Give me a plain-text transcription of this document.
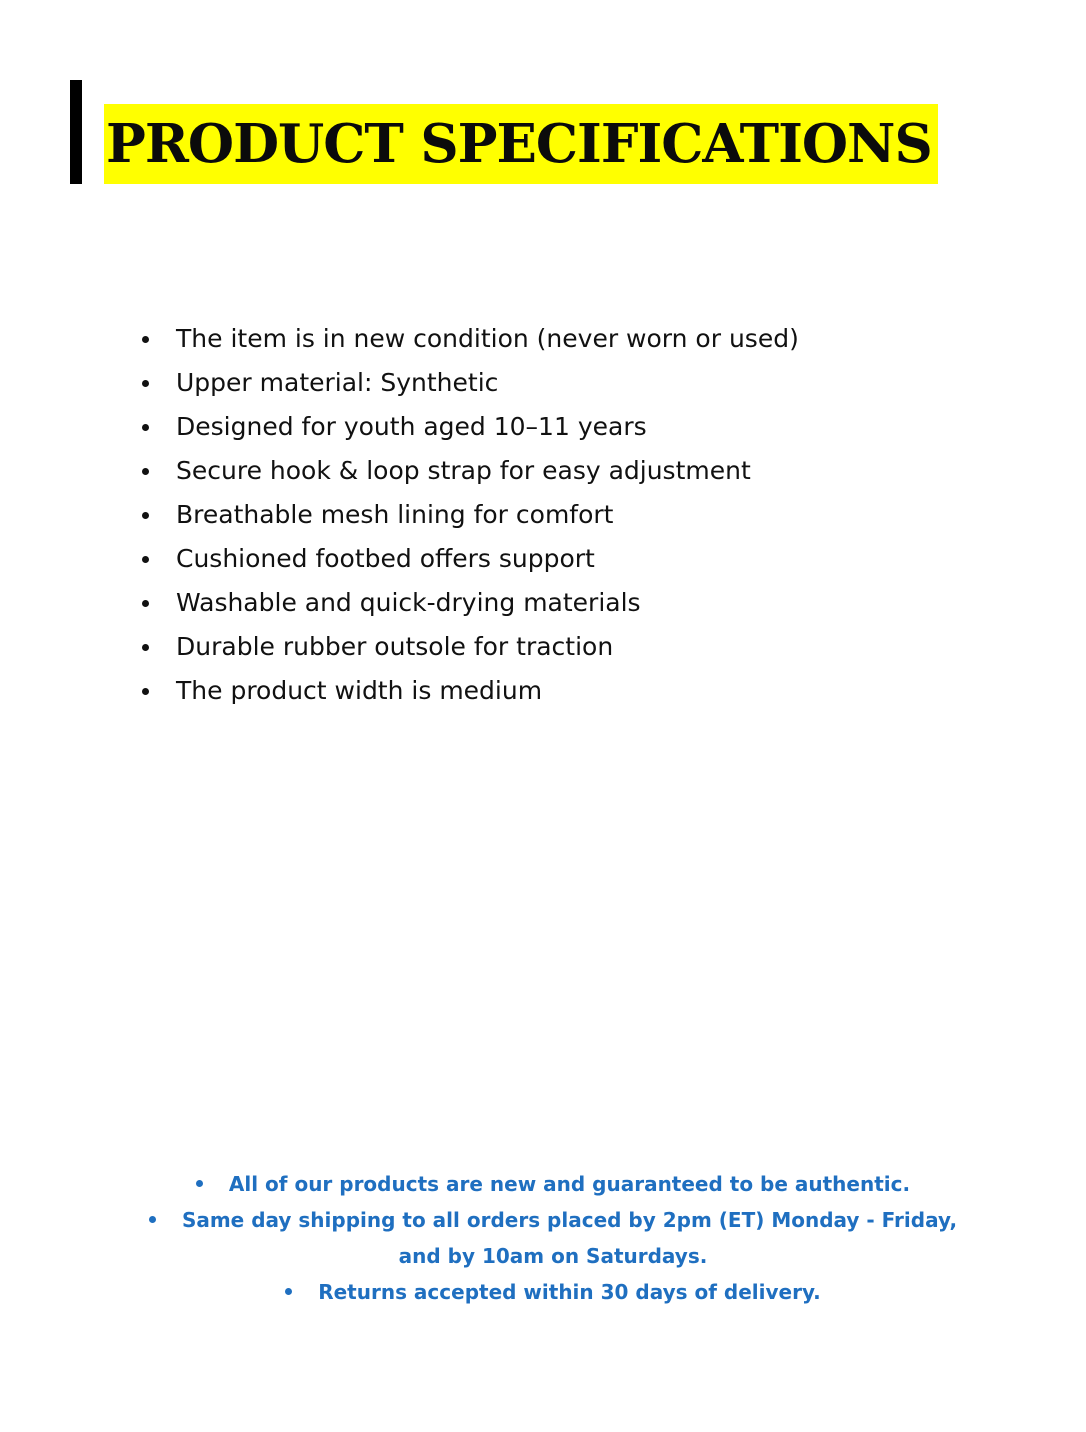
PRODUCT SPECIFICATIONS
The item is in new condition (never worn or used)
Upper material: Synthetic
Designed for youth aged 10–11 years
Secure hook & loop strap for easy adjustment
Breathable mesh lining for comfort
Cushioned footbed offers support
Washable and quick-drying materials
Durable rubber outsole for traction
The product width is medium
All of our products are new and guaranteed to be authentic.
Same day shipping to all orders placed by 2pm (ET) Monday - Friday, and by 10am on Saturdays.
Returns accepted within 30 days of delivery.
